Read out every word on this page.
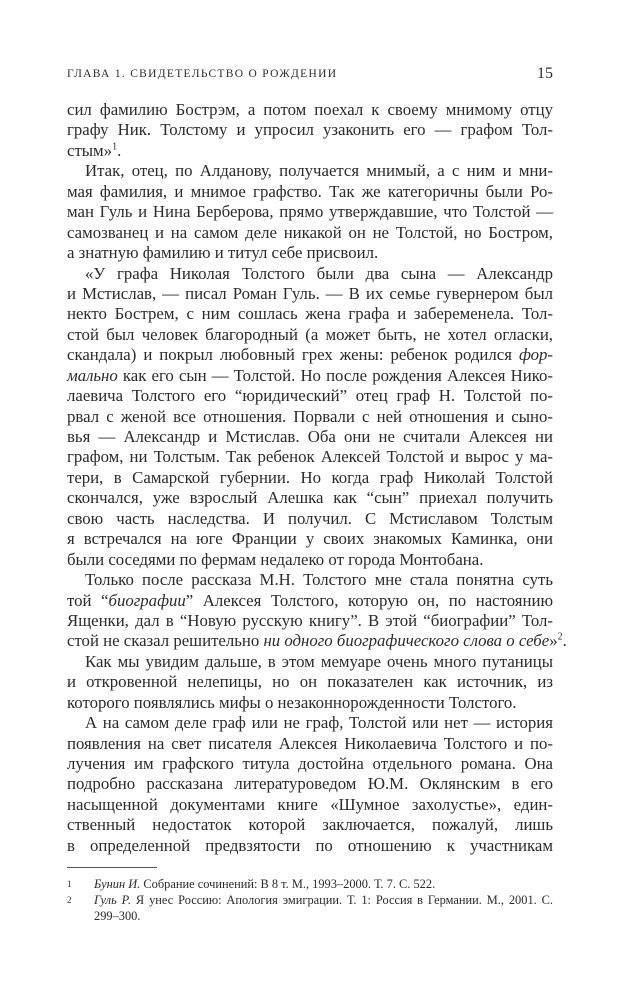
ГЛАВА 1. СВИДЕТЕЛЬСТВО О РОЖДЕНИИ	15
сил фамилию Бострэм, а потом поехал к своему мнимому отцу
графу Ник. Толстому и упросил узаконить его — графом Тол-
стым»$^1$.
Итак, отец, по Алданову, получается мнимый, а с ним и мни-
мая фамилия, и мнимое графство. Так же категоричны были Ро-
ман Гуль и Нина Берберова, прямо утверждавшие, что Толстой —
самозванец и на самом деле никакой он не Толстой, но Бостром,
а знатную фамилию и титул себе присвоил.
«У графа Николая Толстого были два сына — Александр
и Мстислав, — писал Роман Гуль. — В их семье гувернером был
некто Бострем, с ним сошлась жена графа и забеременела. Тол-
стой был человек благородный (а может быть, не хотел огласки,
скандала) и покрыл любовный грех жены: ребенок родился фор-
мально как его сын — Толстой. Но после рождения Алексея Нико-
лаевича Толстого его “юридический” отец граф Н. Толстой по-
рвал с женой все отношения. Порвали с ней отношения и сыно-
вья — Александр и Мстислав. Оба они не считали Алексея ни
графом, ни Толстым. Так ребенок Алексей Толстой и вырос у ма-
тери, в Самарской губернии. Но когда граф Николай Толстой
скончался, уже взрослый Алешка как “сын” приехал получить
свою часть наследства. И получил. С Мстиславом Толстым
я встречался на юге Франции у своих знакомых Каминка, они
были соседями по фермам недалеко от города Монтобана.
Только после рассказа М.Н. Толстого мне стала понятна суть
той “биографии” Алексея Толстого, которую он, по настоянию
Ященки, дал в “Новую русскую книгу”. В этой “биографии” Тол-
стой не сказал решительно ни одного биографического слова о себе»$^2$.
Как мы увидим дальше, в этом мемуаре очень много путаницы
и откровенной нелепицы, но он показателен как источник, из
которого появлялись мифы о незаконнорожденности Толстого.
А на самом деле граф или не граф, Толстой или нет — история
появления на свет писателя Алексея Николаевича Толстого и по-
лучения им графского титула достойна отдельного романа. Она
подробно рассказана литературоведом Ю.М. Оклянским в его
насыщенной документами книге «Шумное захолустье», един-
ственный недостаток которой заключается, пожалуй, лишь
в определенной предвзятости по отношению к участникам
1 Бунин И. Собрание сочинений: В 8 т. М., 1993–2000. Т. 7. С. 522.
2 Гуль Р. Я унес Россию: Апология эмиграции. Т. 1: Россия в Германии. М., 2001. С. 299–300.
